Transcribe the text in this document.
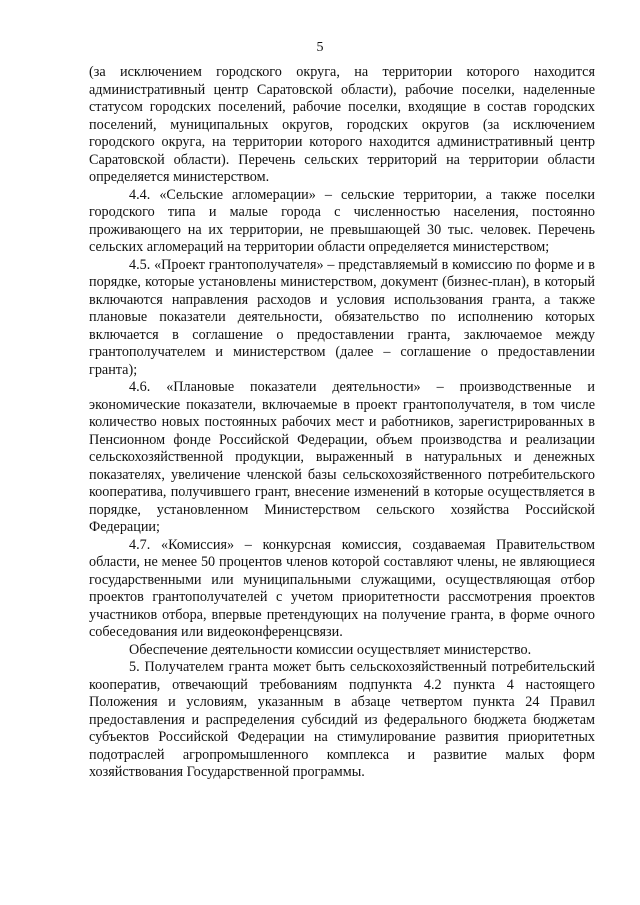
5

(за исключением городского округа, на территории которого находится административный центр Саратовской области), рабочие поселки, наделенные статусом городских поселений, рабочие поселки, входящие в состав городских поселений, муниципальных округов, городских округов (за исключением городского округа, на территории которого находится административный центр Саратовской области). Перечень сельских территорий на территории области определяется министерством.

4.4. «Сельские агломерации» – сельские территории, а также поселки городского типа и малые города с численностью населения, постоянно проживающего на их территории, не превышающей 30 тыс. человек. Перечень сельских агломераций на территории области определяется министерством;

4.5. «Проект грантополучателя» – представляемый в комиссию по форме и в порядке, которые установлены министерством, документ (бизнес-план), в который включаются направления расходов и условия использования гранта, а также плановые показатели деятельности, обязательство по исполнению которых включается в соглашение о предоставлении гранта, заключаемое между грантополучателем и министерством (далее – соглашение о предоставлении гранта);

4.6. «Плановые показатели деятельности» – производственные и экономические показатели, включаемые в проект грантополучателя, в том числе количество новых постоянных рабочих мест и работников, зарегистрированных в Пенсионном фонде Российской Федерации, объем производства и реализации сельскохозяйственной продукции, выраженный в натуральных и денежных показателях, увеличение членской базы сельскохозяйственного потребительского кооператива, получившего грант, внесение изменений в которые осуществляется в порядке, установленном Министерством сельского хозяйства Российской Федерации;

4.7. «Комиссия» – конкурсная комиссия, создаваемая Правительством области, не менее 50 процентов членов которой составляют члены, не являющиеся государственными или муниципальными служащими, осуществляющая отбор проектов грантополучателей с учетом приоритетности рассмотрения проектов участников отбора, впервые претендующих на получение гранта, в форме очного собеседования или видеоконференцсвязи.

Обеспечение деятельности комиссии осуществляет министерство.

5. Получателем гранта может быть сельскохозяйственный потребительский кооператив, отвечающий требованиям подпункта 4.2 пункта 4 настоящего Положения и условиям, указанным в абзаце четвертом пункта 24 Правил предоставления и распределения субсидий из федерального бюджета бюджетам субъектов Российской Федерации на стимулирование развития приоритетных подотраслей агропромышленного комплекса и развитие малых форм хозяйствования Государственной программы.
